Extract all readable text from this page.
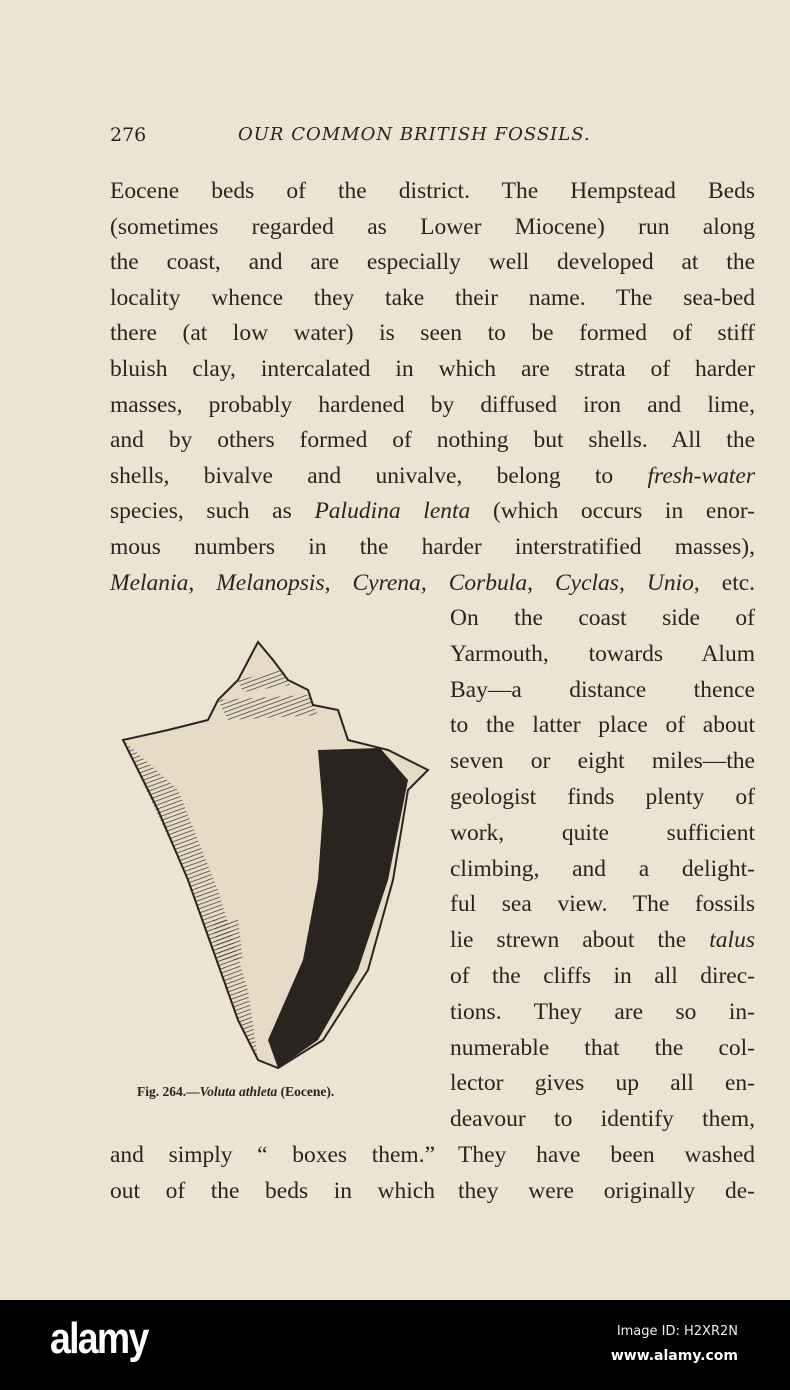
276	OUR COMMON BRITISH FOSSILS.
Eocene beds of the district. The Hempstead Beds
(sometimes regarded as Lower Miocene) run along
the coast, and are especially well developed at the
locality whence they take their name. The sea-bed
there (at low water) is seen to be formed of stiff
bluish clay, intercalated in which are strata of harder
masses, probably hardened by diffused iron and lime,
and by others formed of nothing but shells. All the
shells, bivalve and univalve, belong to fresh-water
species, such as Paludina lenta (which occurs in enor-
mous numbers in the harder interstratified masses),
Melania, Melanopsis, Cyrena, Corbula, Cyclas, Unio, etc.
On the coast side of
Yarmouth, towards Alum
Bay—a distance thence
to the latter place of about
seven or eight miles—the
geologist finds plenty of
work, quite sufficient
climbing, and a delight-
ful sea view. The fossils
lie strewn about the talus
of the cliffs in all direc-
tions. They are so in-
numerable that the col-
lector gives up all en-
deavour to identify them,
and simply “ boxes them.” They have been washed
out of the beds in which they were originally de-
Fig. 264.—Voluta athleta (Eocene).
alamy	Image ID: H2XR2N
www.alamy.com
